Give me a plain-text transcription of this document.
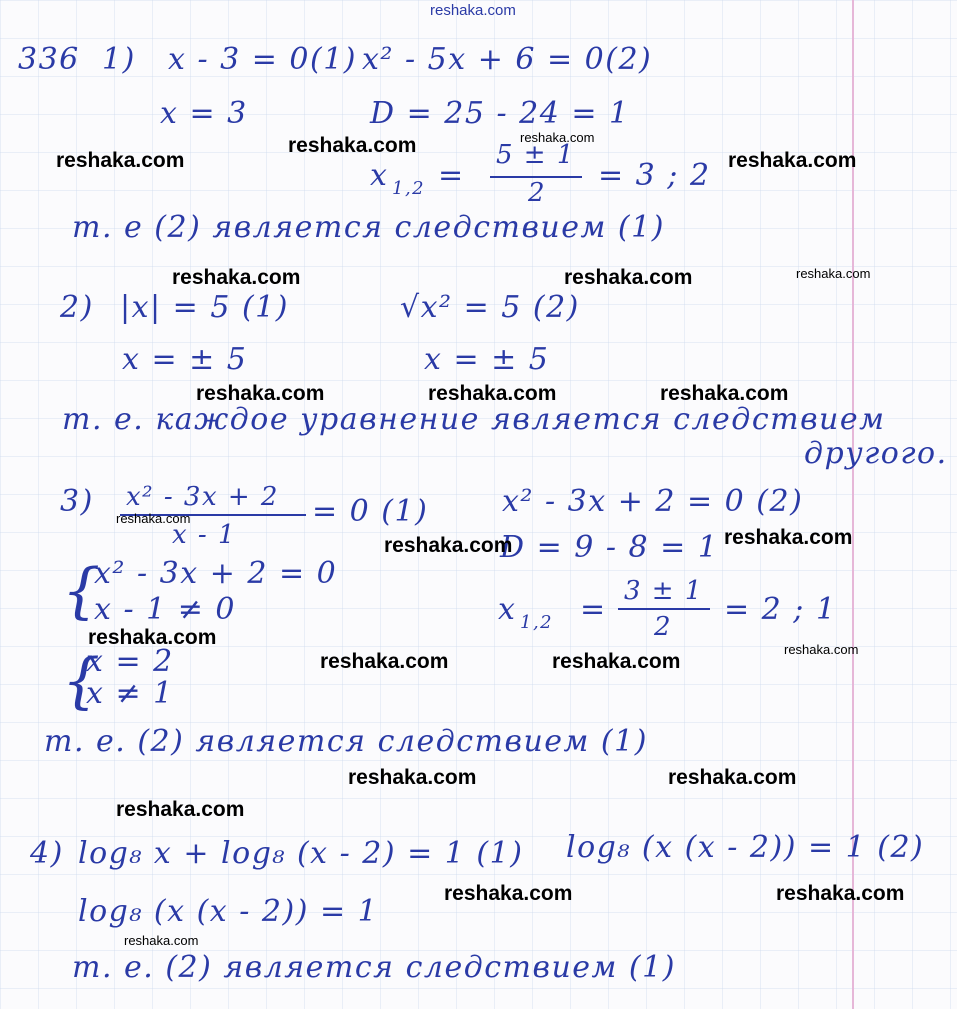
reshaka.com
336 1) x - 3 = 0(1) x² - 5x + 6 = 0(2)
x = 3	D = 25 - 24 = 1
x 1,2 =
5 ± 1
2 = 3 ; 2
т. е (2) является следствием (1)
2) |x| = 5 (1)	√x² = 5 (2)
x = ± 5	x = ± 5
т. е. каждое уравнение является следствием
другого.
3) x² - 3x + 2
x - 1
= 0 (1) x² - 3x + 2 = 0 (2)
{
x² - 3x + 2 = 0
x - 1 ≠ 0
D = 9 - 8 = 1
x 1,2 =
3 ± 1
2 = 2 ; 1
{
x = 2
x ≠ 1
т. е. (2) является следствием (1)
4) log₈ x + log₈ (x - 2) = 1 (1) log₈ (x (x - 2)) = 1 (2)
log₈ (x (x - 2)) = 1
т. е. (2) является следствием (1)
reshaka.com
reshaka.com
reshaka.com
reshaka.com	reshaka.com
reshaka.com	reshaka.com	reshaka.com
reshaka.com	reshaka.com
reshaka.com
reshaka.com	reshaka.com
reshaka.com	reshaka.com
reshaka.com
reshaka.com	reshaka.com
reshaka.com
reshaka.com
reshaka.com
reshaka.com
reshaka.com
